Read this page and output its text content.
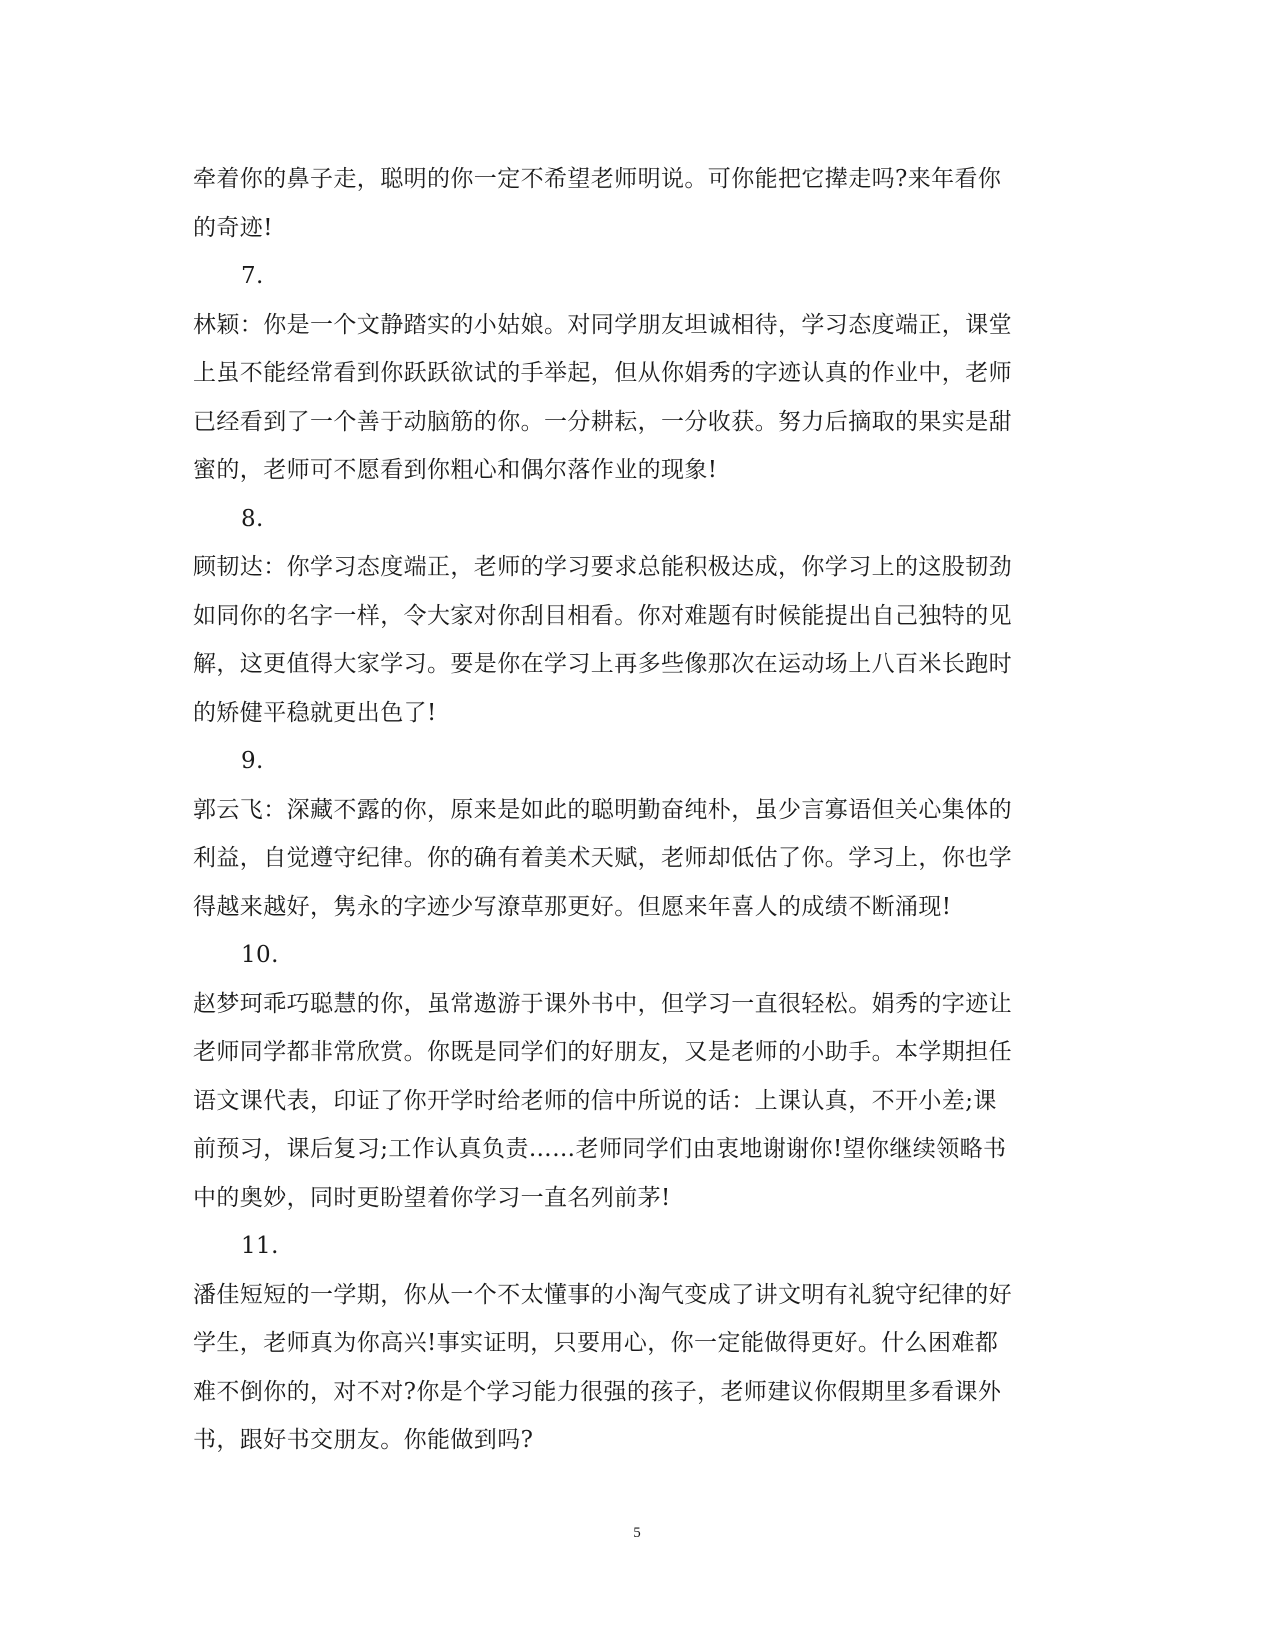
牵着你的鼻子走，聪明的你一定不希望老师明说。可你能把它撵走吗?来年看你
的奇迹!
7.
林颖：你是一个文静踏实的小姑娘。对同学朋友坦诚相待，学习态度端正，课堂
上虽不能经常看到你跃跃欲试的手举起，但从你娟秀的字迹认真的作业中，老师
已经看到了一个善于动脑筋的你。一分耕耘，一分收获。努力后摘取的果实是甜
蜜的，老师可不愿看到你粗心和偶尔落作业的现象!
8.
顾韧达：你学习态度端正，老师的学习要求总能积极达成，你学习上的这股韧劲
如同你的名字一样，令大家对你刮目相看。你对难题有时候能提出自己独特的见
解，这更值得大家学习。要是你在学习上再多些像那次在运动场上八百米长跑时
的矫健平稳就更出色了!
9.
郭云飞：深藏不露的你，原来是如此的聪明勤奋纯朴，虽少言寡语但关心集体的
利益，自觉遵守纪律。你的确有着美术天赋，老师却低估了你。学习上，你也学
得越来越好，隽永的字迹少写潦草那更好。但愿来年喜人的成绩不断涌现!
10.
赵梦珂乖巧聪慧的你，虽常遨游于课外书中，但学习一直很轻松。娟秀的字迹让
老师同学都非常欣赏。你既是同学们的好朋友，又是老师的小助手。本学期担任
语文课代表，印证了你开学时给老师的信中所说的话：上课认真，不开小差;课
前预习，课后复习;工作认真负责……老师同学们由衷地谢谢你!望你继续领略书
中的奥妙，同时更盼望着你学习一直名列前茅!
11.
潘佳短短的一学期，你从一个不太懂事的小淘气变成了讲文明有礼貌守纪律的好
学生，老师真为你高兴!事实证明，只要用心，你一定能做得更好。什么困难都
难不倒你的，对不对?你是个学习能力很强的孩子，老师建议你假期里多看课外
书，跟好书交朋友。你能做到吗?
5
